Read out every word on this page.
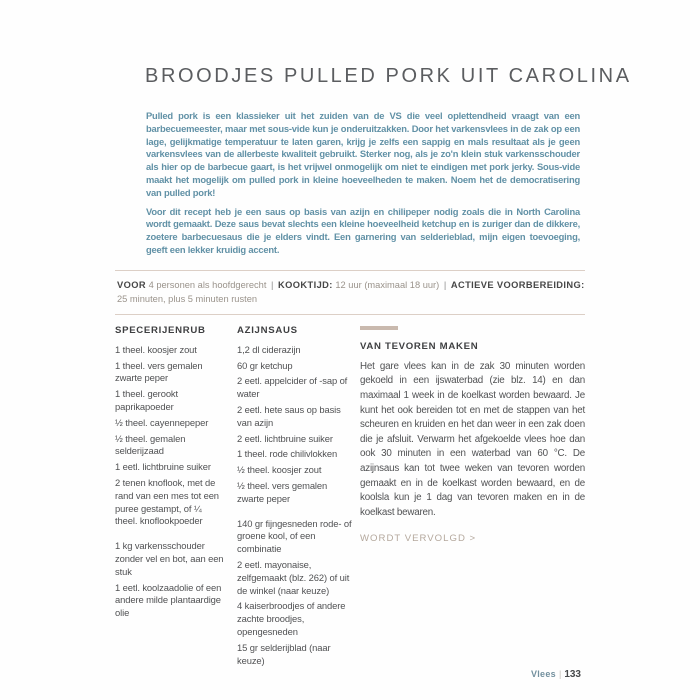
BROODJES PULLED PORK UIT CAROLINA

Pulled pork is een klassieker uit het zuiden van de VS die veel oplettendheid vraagt van een barbecuemeester, maar met sous-vide kun je onderuitzakken. Door het varkensvlees in de zak op een lage, gelijkmatige temperatuur te laten garen, krijg je zelfs een sappig en mals resultaat als je geen varkensvlees van de allerbeste kwaliteit gebruikt. Sterker nog, als je zo'n klein stuk varkensschouder als hier op de barbecue gaart, is het vrijwel onmogelijk om niet te eindigen met pork jerky. Sous-vide maakt het mogelijk om pulled pork in kleine hoeveelheden te maken. Noem het de democratisering van pulled pork!

Voor dit recept heb je een saus op basis van azijn en chilipeper nodig zoals die in North Carolina wordt gemaakt. Deze saus bevat slechts een kleine hoeveelheid ketchup en is zuriger dan de dikkere, zoetere barbecuesaus die je elders vindt. Een garnering van selderieblad, mijn eigen toevoeging, geeft een lekker kruidig accent.

VOOR 4 personen als hoofdgerecht | KOOKTIJD: 12 uur (maximaal 18 uur) | ACTIEVE VOORBEREIDING: 25 minuten, plus 5 minuten rusten
SPECERIJENRUB

1 theel. koosjer zout

1 theel. vers gemalen zwarte peper

1 theel. gerookt paprikapoeder

½ theel. cayennepeper

½ theel. gemalen selderijzaad

1 eetl. lichtbruine suiker

2 tenen knoflook, met de rand van een mes tot een puree gestampt, of ¼ theel. knoflookpoeder

1 kg varkensschouder zonder vel en bot, aan een stuk

1 eetl. koolzaadolie of een andere milde plantaardige olie

AZIJNSAUS

1,2 dl ciderazijn

60 gr ketchup

2 eetl. appelcider of -sap of water

2 eetl. hete saus op basis van azijn

2 eetl. lichtbruine suiker

1 theel. rode chilivlokken

½ theel. koosjer zout

½ theel. vers gemalen zwarte peper

140 gr fijngesneden rode- of groene kool, of een combinatie

2 eetl. mayonaise, zelfgemaakt (blz. 262) of uit de winkel (naar keuze)

4 kaiserbroodjes of andere zachte broodjes, opengesneden

15 gr selderijblad (naar keuze)

VAN TEVOREN MAKEN

Het gare vlees kan in de zak 30 minuten worden gekoeld in een ijswaterbad (zie blz. 14) en dan maximaal 1 week in de koelkast worden bewaard. Je kunt het ook bereiden tot en met de stappen van het scheuren en kruiden en het dan weer in een zak doen die je afsluit. Verwarm het afgekoelde vlees hoe dan ook 30 minuten in een waterbad van 60 °C. De azijnsaus kan tot twee weken van tevoren worden gemaakt en in de koelkast worden bewaard, en de koolsla kun je 1 dag van tevoren maken en in de koelkast bewaren.

WORDT VERVOLGD >

Vlees | 133
